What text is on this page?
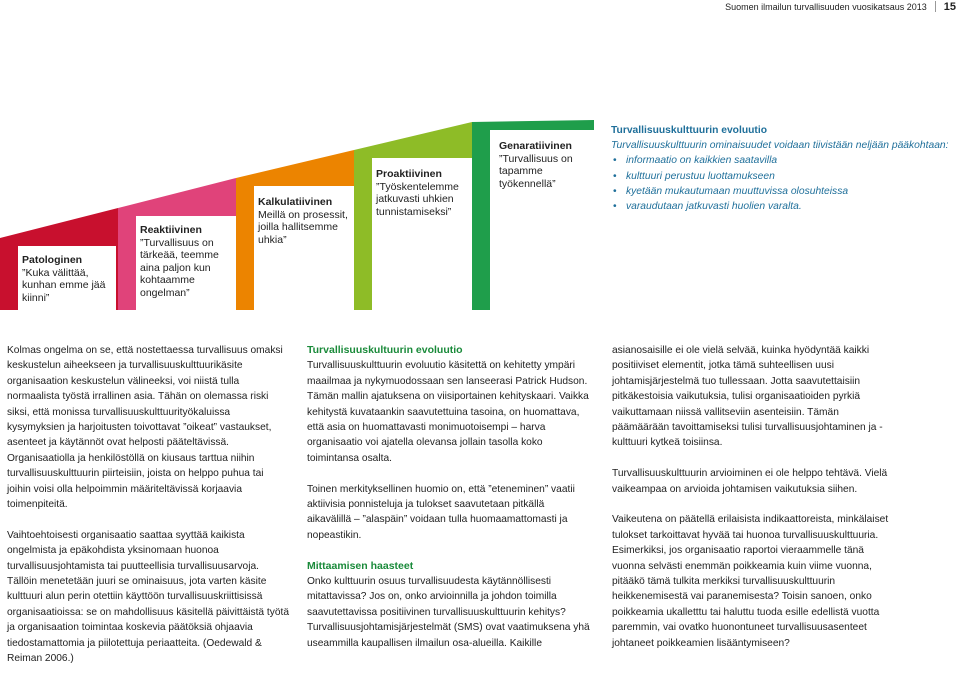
Suomen ilmailun turvallisuuden vuosikatsaus 2013 15
Patologinen
”Kuka välittää, kunhan emme jää kiinni”
Reaktiivinen
”Turvallisuus on tärkeää, teemme aina paljon kun kohtaamme ongelman”
Kalkulatiivinen
Meillä on prosessit, joilla hallitsemme uhkia”
Proaktiivinen
”Työskentelemme jatkuvasti uhkien tunnistamiseksi”
Genaratiivinen
”Turvallisuus on tapamme työkennellä”
Turvallisuuskulttuurin evoluutio
Turvallisuuskulttuurin ominaisuudet voidaan tiivistään neljään pääkohtaan:
• informaatio on kaikkien saatavilla
• kulttuuri perustuu luottamukseen
• kyetään mukautumaan muuttuvissa olosuhteissa
• varaudutaan jatkuvasti huolien varalta.

Kolmas ongelma on se, että nostettaessa turvallisuus omaksi keskustelun aiheekseen ja turvallisuuskulttuurikäsite organisaation keskustelun välineeksi, voi niistä tulla normaalista työstä irrallinen asia. Tähän on olemassa riski siksi, että monissa turvallisuuskulttuurityökaluissa kysymyksien ja harjoitusten toivottavat ”oikeat” vastaukset, asenteet ja käytännöt ovat helposti pääteltävissä. Organisaatiolla ja henkilöstöllä on kiusaus tarttua niihin turvallisuuskulttuurin piirteisiin, joista on helppo puhua tai joihin voisi olla helpoimmin määriteltävissä korjaavia toimenpiteitä.

Vaihtoehtoisesti organisaatio saattaa syyttää kaikista ongelmista ja epäkohdista yksinomaan huonoa turvallisuusjohtamista tai puutteellisia turvallisuusarvoja. Tällöin menetetään juuri se ominaisuus, jota varten käsite kulttuuri alun perin otettiin käyttöön turvallisuuskriittisissä organisaatioissa: se on mahdollisuus käsitellä päivittäistä työtä ja organisaation toimintaa koskevia päätöksiä ohjaavia tiedostamattomia ja piilotettuja periaatteita. (Oedewald & Reiman 2006.)

Turvallisuuskultuurin evoluutio

Turvallisuuskulttuurin evoluutio käsitettä on kehitetty ympäri maailmaa ja nykymuodossaan sen lanseerasi Patrick Hudson. Tämän mallin ajatuksena on viisiportainen kehityskaari. Vaikka kehitystä kuvataankin saavutettuina tasoina, on huomattava, että asia on huomattavasti monimuotoisempi – harva organisaatio voi ajatella olevansa jollain tasolla koko toimintansa osalta.

Toinen merkityksellinen huomio on, että ”eteneminen” vaatii aktiivisia ponnisteluja ja tulokset saavutetaan pitkällä aikavälillä – ”alaspäin” voidaan tulla huomaamattomasti ja nopeastikin.

Mittaamisen haasteet

Onko kulttuurin osuus turvallisuudesta käytännöllisesti mitattavissa? Jos on, onko arvioinnilla ja johdon toimilla saavutettavissa positiivinen turvallisuuskulttuurin kehitys? Turvallisuusjohtamisjärjestelmät (SMS) ovat vaatimuksena yhä useammilla kaupallisen ilmailun osa-alueilla. Kaikille

asianosaisille ei ole vielä selvää, kuinka hyödyntää kaikki positiiviset elementit, jotka tämä suhteellisen uusi johtamisjärjestelmä tuo tullessaan. Jotta saavutettaisiin pitkäkestoisia vaikutuksia, tulisi organisaatioiden pyrkiä vaikuttamaan niissä vallitseviin asenteisiin. Tämän päämäärään tavoittamiseksi tulisi turvallisuusjohtaminen ja -kulttuuri kytkeä toisiinsa.

Turvallisuuskulttuurin arvioiminen ei ole helppo tehtävä. Vielä vaikeampaa on arvioida johtamisen vaikutuksia siihen.

Vaikeutena on päätellä erilaisista indikaattoreista, minkälaiset tulokset tarkoittavat hyvää tai huonoa turvallisuuskulttuuria. Esimerkiksi, jos organisaatio raportoi vieraammelle tänä vuonna selvästi enemmän poikkeamia kuin viime vuonna, pitääkö tämä tulkita merkiksi turvallisuuskulttuurin heikkenemisestä vai paranemisesta? Toisin sanoen, onko poikkeamia ukalletttu tai haluttu tuoda esille edellistä vuotta paremmin, vai ovatko huonontuneet turvallisuusasenteet johtaneet poikkeamien lisääntymiseen?
